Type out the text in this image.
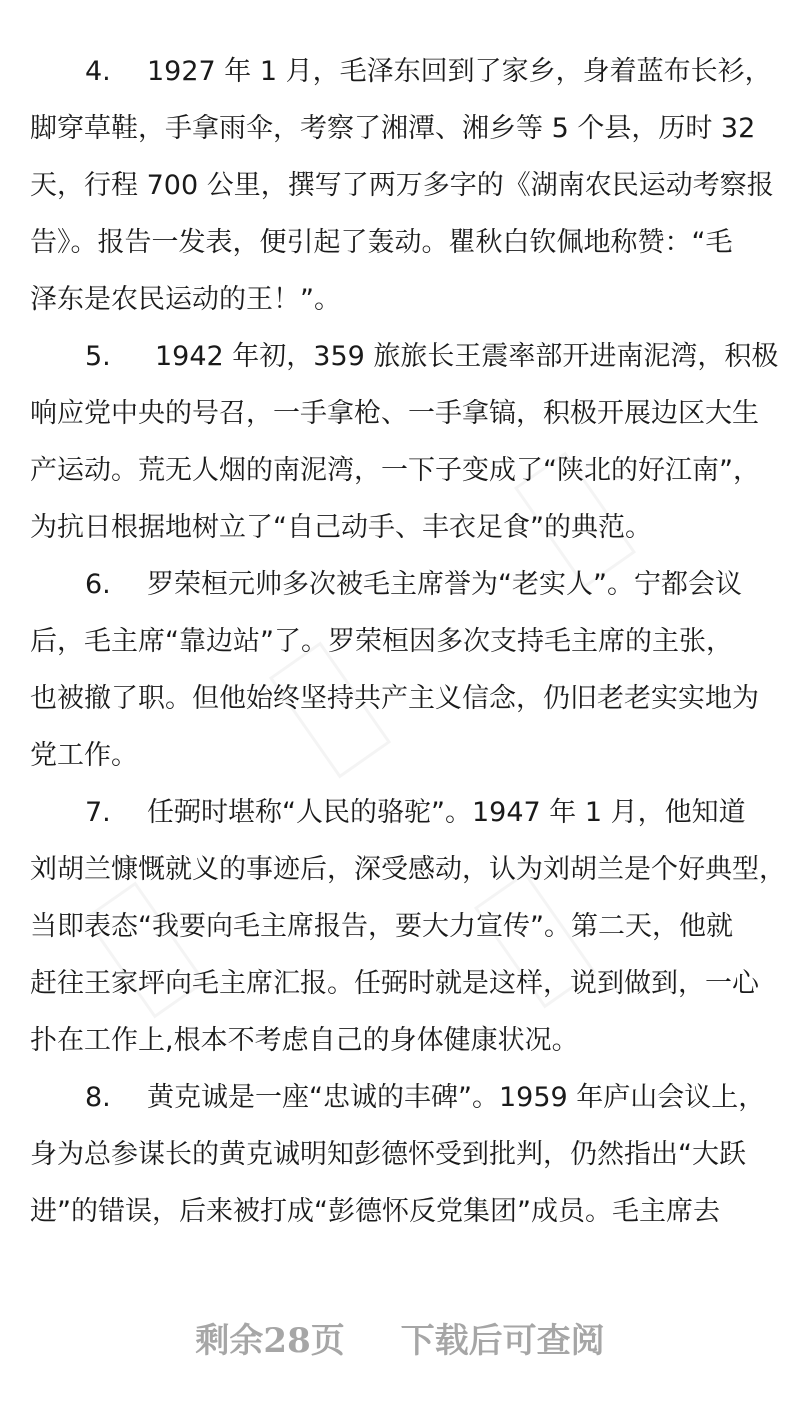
4. 1927 年 1 月，毛泽东回到了家乡，身着蓝布长衫，
脚穿草鞋，手拿雨伞，考察了湘潭、湘乡等 5 个县，历时 32
天，行程 700 公里，撰写了两万多字的《湖南农民运动考察报
告》。报告一发表，便引起了轰动。瞿秋白钦佩地称赞：“毛
泽东是农民运动的王！”。
5. 1942 年初，359 旅旅长王震率部开进南泥湾，积极
响应党中央的号召，一手拿枪、一手拿镐，积极开展边区大生
产运动。荒无人烟的南泥湾，一下子变成了“陕北的好江南”，
为抗日根据地树立了“自己动手、丰衣足食”的典范。
6. 罗荣桓元帅多次被毛主席誉为“老实人”。宁都会议
后，毛主席“靠边站”了。罗荣桓因多次支持毛主席的主张，
也被撤了职。但他始终坚持共产主义信念，仍旧老老实实地为
党工作。
7. 任弼时堪称“人民的骆驼”。1947 年 1 月，他知道
刘胡兰慷慨就义的事迹后，深受感动，认为刘胡兰是个好典型，
当即表态“我要向毛主席报告，要大力宣传”。第二天，他就
赶往王家坪向毛主席汇报。任弼时就是这样，说到做到，一心
扑在工作上,根本不考虑自己的身体健康状况。
8. 黄克诚是一座“忠诚的丰碑”。1959 年庐山会议上，
身为总参谋长的黄克诚明知彭德怀受到批判，仍然指出“大跃
进”的错误，后来被打成“彭德怀反党集团”成员。毛主席去
剩余28页 下载后可查阅
